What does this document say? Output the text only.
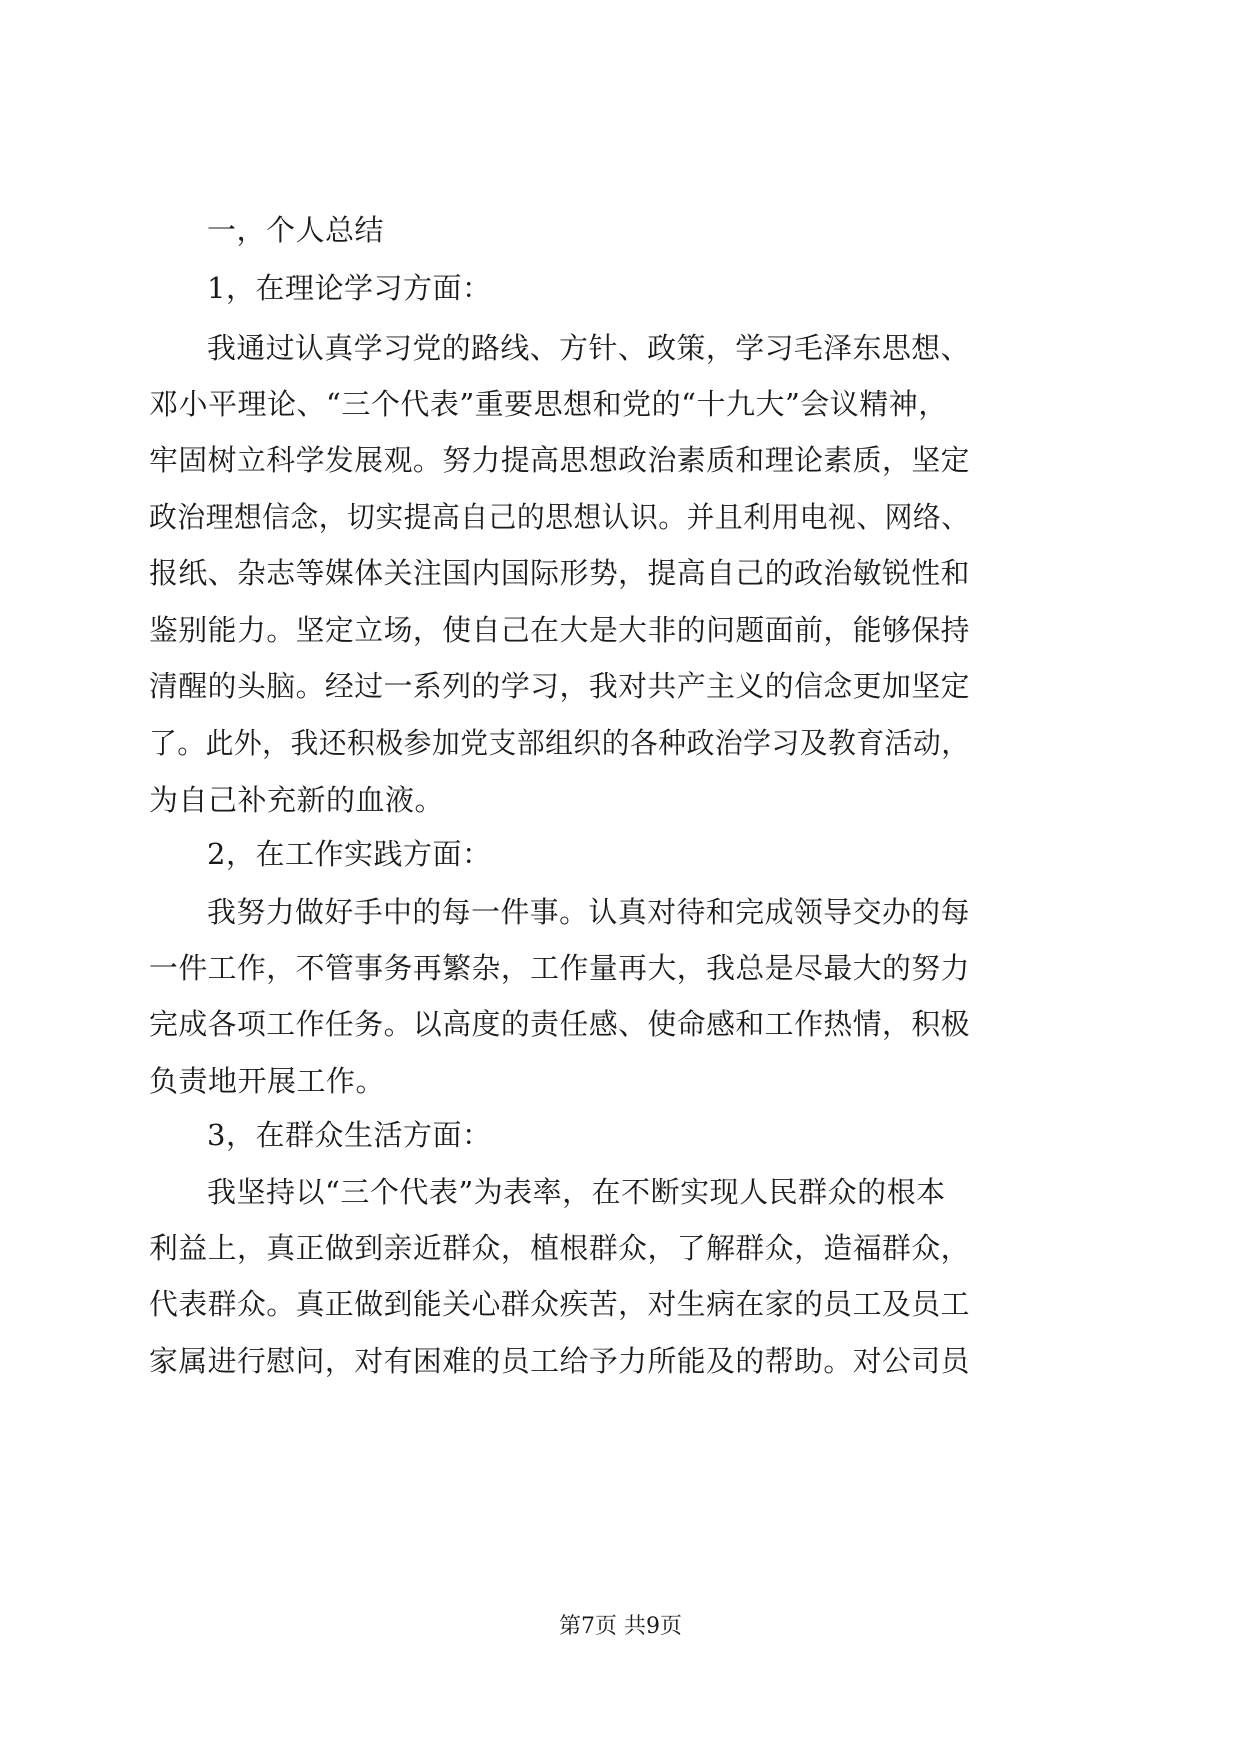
一，个人总结
1，在理论学习方面：
我通过认真学习党的路线、方针、政策，学习毛泽东思想、
邓小平理论、“三个代表”重要思想和党的“十九大”会议精神，
牢固树立科学发展观。努力提高思想政治素质和理论素质，坚定
政治理想信念，切实提高自己的思想认识。并且利用电视、网络、
报纸、杂志等媒体关注国内国际形势，提高自己的政治敏锐性和
鉴别能力。坚定立场，使自己在大是大非的问题面前，能够保持
清醒的头脑。经过一系列的学习，我对共产主义的信念更加坚定
了。此外，我还积极参加党支部组织的各种政治学习及教育活动，
为自己补充新的血液。
2，在工作实践方面：
我努力做好手中的每一件事。认真对待和完成领导交办的每
一件工作，不管事务再繁杂，工作量再大，我总是尽最大的努力
完成各项工作任务。以高度的责任感、使命感和工作热情，积极
负责地开展工作。
3，在群众生活方面：
我坚持以“三个代表”为表率，在不断实现人民群众的根本
利益上，真正做到亲近群众，植根群众，了解群众，造福群众，
代表群众。真正做到能关心群众疾苦，对生病在家的员工及员工
家属进行慰问，对有困难的员工给予力所能及的帮助。对公司员
第7页 共9页
